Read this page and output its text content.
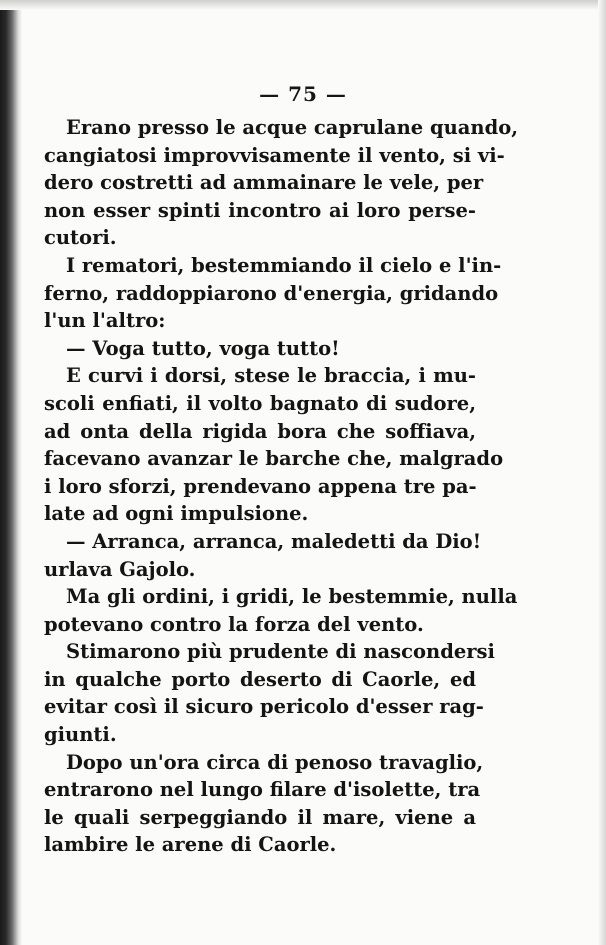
— 75 —
Erano presso le acque caprulane quando,
cangiatosi improvvisamente il vento, si vi-
dero costretti ad ammainare le vele, per
non esser spinti incontro ai loro perse-
cutori.
I rematori, bestemmiando il cielo e l'in-
ferno, raddoppiarono d'energia, gridando
l'un l'altro:
— Voga tutto, voga tutto!
E curvi i dorsi, stese le braccia, i mu-
scoli enfiati, il volto bagnato di sudore,
ad onta della rigida bora che soffiava,
facevano avanzar le barche che, malgrado
i loro sforzi, prendevano appena tre pa-
late ad ogni impulsione.
— Arranca, arranca, maledetti da Dio!
urlava Gajolo.
Ma gli ordini, i gridi, le bestemmie, nulla
potevano contro la forza del vento.
Stimarono più prudente di nascondersi
in qualche porto deserto di Caorle, ed
evitar così il sicuro pericolo d'esser rag-
giunti.
Dopo un'ora circa di penoso travaglio,
entrarono nel lungo filare d'isolette, tra
le quali serpeggiando il mare, viene a
lambire le arene di Caorle.
